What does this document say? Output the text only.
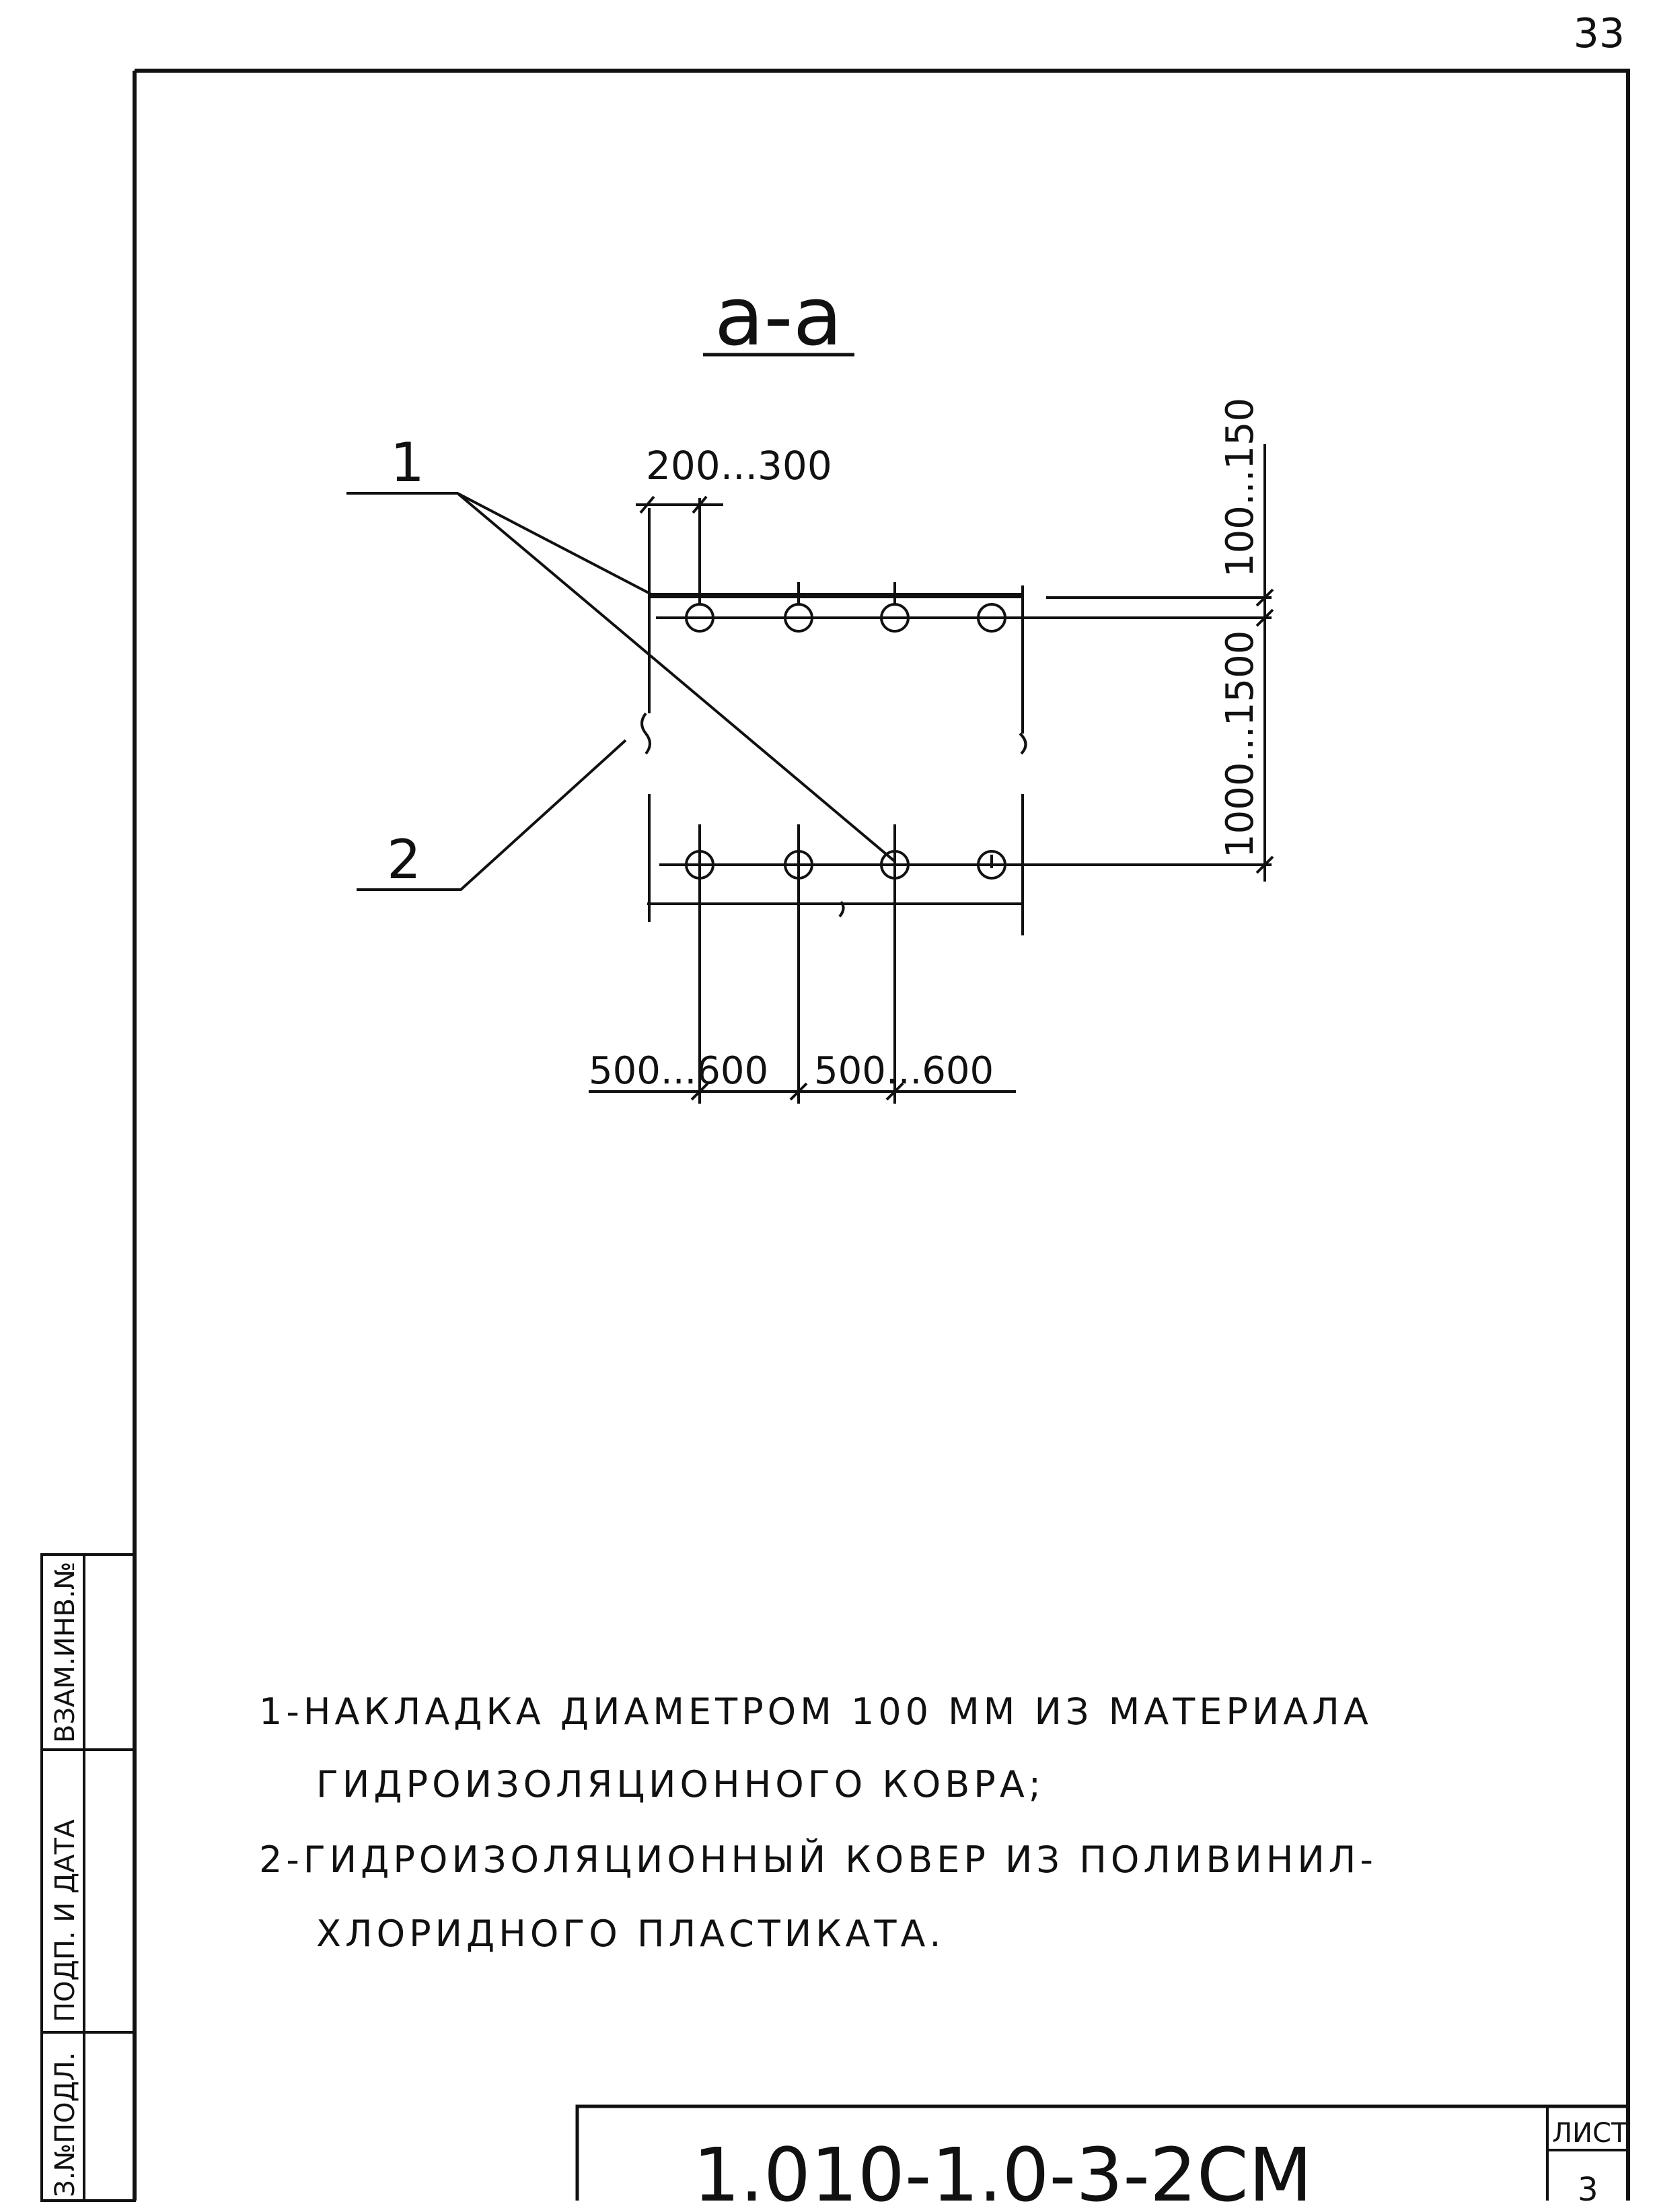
33
а-а
1
2
200...300	100...150
1000...1500
500...600 500...600
1-НАКЛАДКА ДИАМЕТРОМ 100 ММ ИЗ МАТЕРИАЛА
ГИДРОИЗОЛЯЦИОННОГО КОВРА;
2-ГИДРОИЗОЛЯЦИОННЫЙ КОВЕР ИЗ ПОЛИВИНИЛ-
ХЛОРИДНОГО ПЛАСТИКАТА.
ВЗАМ.ИНВ.№
ПОДП. И ДАТА
З.№ПОДЛ.	1.010-1.0-3-2СМ	ЛИСТ
3
